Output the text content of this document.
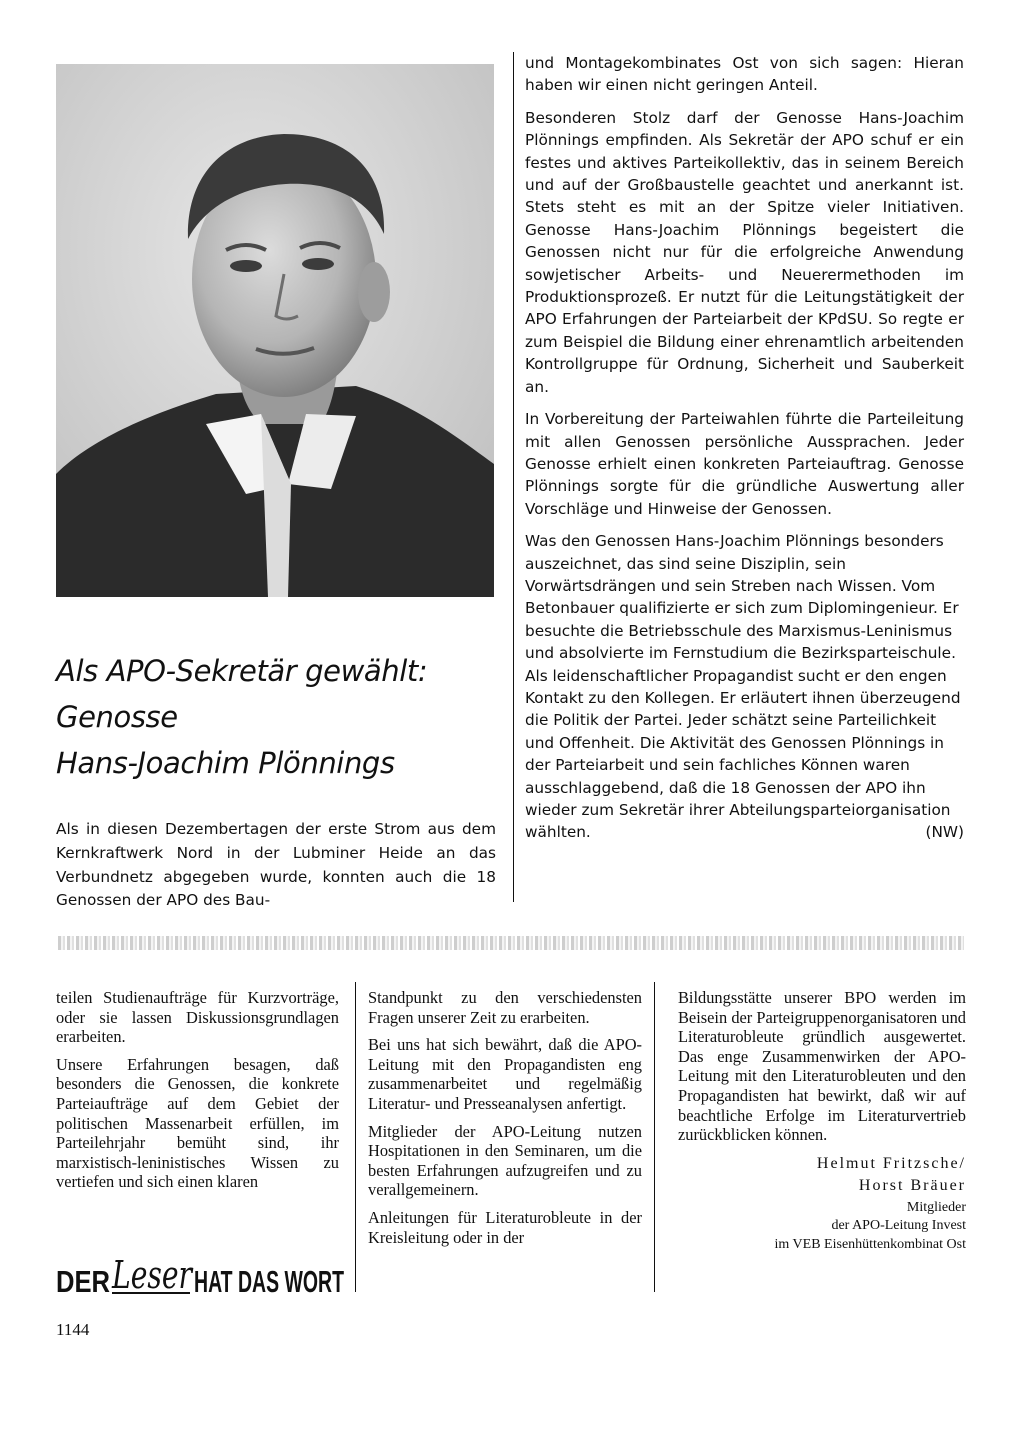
Als APO-Sekretär gewählt:
Genosse
Hans-Joachim Plönnings

Als in diesen Dezembertagen der erste Strom aus dem Kernkraftwerk Nord in der Lubminer Heide an das Verbundnetz abgegeben wurde, konnten auch die 18 Genossen der APO des Bau-

und Montagekombinates Ost von sich sagen: Hieran haben wir einen nicht geringen Anteil.

Besonderen Stolz darf der Genosse Hans-Joachim Plönnings empfinden. Als Sekretär der APO schuf er ein festes und aktives Parteikollektiv, das in seinem Bereich und auf der Großbaustelle geachtet und anerkannt ist. Stets steht es mit an der Spitze vieler Initiativen. Genosse Hans-Joachim Plönnings begeistert die Genossen nicht nur für die erfolgreiche Anwendung sowjetischer Arbeits- und Neuerermethoden im Produktionsprozeß. Er nutzt für die Leitungstätigkeit der APO Erfahrungen der Parteiarbeit der KPdSU. So regte er zum Beispiel die Bildung einer ehrenamtlich arbeitenden Kontrollgruppe für Ordnung, Sicherheit und Sauberkeit an.

In Vorbereitung der Parteiwahlen führte die Parteileitung mit allen Genossen persönliche Aussprachen. Jeder Genosse erhielt einen konkreten Parteiauftrag. Genosse Plönnings sorgte für die gründliche Auswertung aller Vorschläge und Hinweise der Genossen.

Was den Genossen Hans-Joachim Plönnings besonders auszeichnet, das sind seine Disziplin, sein Vorwärtsdrängen und sein Streben nach Wissen. Vom Betonbauer qualifizierte er sich zum Diplomingenieur. Er besuchte die Betriebsschule des Marxismus-Leninismus und absolvierte im Fernstudium die Bezirksparteischule. Als leidenschaftlicher Propagandist sucht er den engen Kontakt zu den Kollegen. Er erläutert ihnen überzeugend die Politik der Partei. Jeder schätzt seine Parteilichkeit und Offenheit. Die Aktivität des Genossen Plönnings in der Parteiarbeit und sein fachliches Können waren ausschlaggebend, daß die 18 Genossen der APO ihn wieder zum Sekretär ihrer Abteilungsparteiorganisation wählten.	(NW)

teilen Studienaufträge für Kurzvorträge, oder sie lassen Diskussionsgrundlagen erarbeiten.

Unsere Erfahrungen besagen, daß besonders die Genossen, die konkrete Parteiaufträge auf dem Gebiet der politischen Massenarbeit erfüllen, im Parteilehrjahr bemüht sind, ihr marxistisch-leninistisches Wissen zu vertiefen und sich einen klaren

Standpunkt zu den verschiedensten Fragen unserer Zeit zu erarbeiten.

Bei uns hat sich bewährt, daß die APO-Leitung mit den Propagandisten eng zusammenarbeitet und regelmäßig Literatur- und Presseanalysen anfertigt.

Mitglieder der APO-Leitung nutzen Hospitationen in den Seminaren, um die besten Erfahrungen aufzugreifen und zu verallgemeinern.

Anleitungen für Literaturobleute in der Kreisleitung oder in der

Bildungsstätte unserer BPO werden im Beisein der Parteigruppenorganisatoren und Literaturobleute gründlich ausgewertet. Das enge Zusammenwirken der APO-Leitung mit den Literaturobleuten und den Propagandisten hat bewirkt, daß wir auf beachtliche Erfolge im Literaturvertrieb zurückblicken können.

Helmut Fritzsche/
Horst Bräuer
Mitglieder
der APO-Leitung Invest
im VEB Eisenhüttenkombinat Ost
DER Leser HAT DAS WORT
1144
